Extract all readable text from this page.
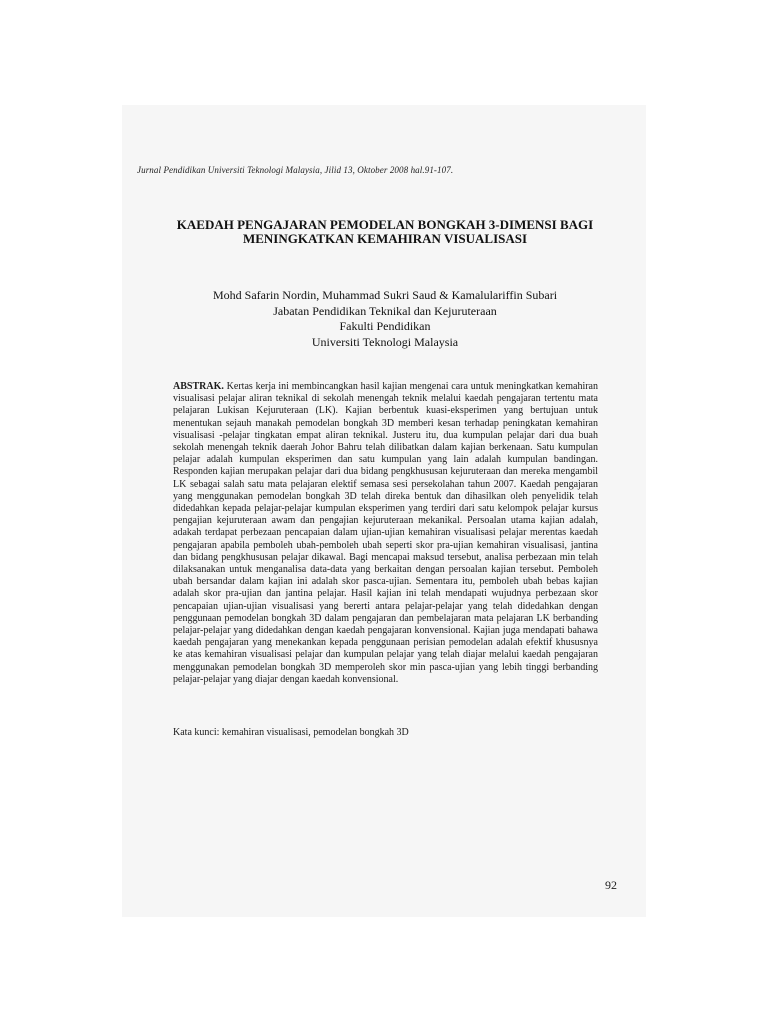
Jurnal Pendidikan Universiti Teknologi Malaysia, Jilid 13, Oktober 2008 hal.91-107.
KAEDAH PENGAJARAN PEMODELAN BONGKAH 3-DIMENSI BAGI
MENINGKATKAN KEMAHIRAN VISUALISASI
Mohd Safarin Nordin, Muhammad Sukri Saud & Kamalulariffin Subari
Jabatan Pendidikan Teknikal dan Kejuruteraan
Fakulti Pendidikan
Universiti Teknologi Malaysia
ABSTRAK. Kertas kerja ini membincangkan hasil kajian mengenai cara untuk meningkatkan kemahiran visualisasi pelajar aliran teknikal di sekolah menengah teknik melalui kaedah pengajaran tertentu mata pelajaran Lukisan Kejuruteraan (LK). Kajian berbentuk kuasi-eksperimen yang bertujuan untuk menentukan sejauh manakah pemodelan bongkah 3D memberi kesan terhadap peningkatan kemahiran visualisasi -pelajar tingkatan empat aliran teknikal. Justeru itu, dua kumpulan pelajar dari dua buah sekolah menengah teknik daerah Johor Bahru telah dilibatkan dalam kajian berkenaan. Satu kumpulan pelajar adalah kumpulan eksperimen dan satu kumpulan yang lain adalah kumpulan bandingan. Responden kajian merupakan pelajar dari dua bidang pengkhususan kejuruteraan dan mereka mengambil LK sebagai salah satu mata pelajaran elektif semasa sesi persekolahan tahun 2007. Kaedah pengajaran yang menggunakan pemodelan bongkah 3D telah direka bentuk dan dihasilkan oleh penyelidik telah didedahkan kepada pelajar-pelajar kumpulan eksperimen yang terdiri dari satu kelompok pelajar kursus pengajian kejuruteraan awam dan pengajian kejuruteraan mekanikal. Persoalan utama kajian adalah, adakah terdapat perbezaan pencapaian dalam ujian-ujian kemahiran visualisasi pelajar merentas kaedah pengajaran apabila pemboleh ubah-pemboleh ubah seperti skor pra-ujian kemahiran visualisasi, jantina dan bidang pengkhususan pelajar dikawal. Bagi mencapai maksud tersebut, analisa perbezaan min telah dilaksanakan untuk menganalisa data-data yang berkaitan dengan persoalan kajian tersebut. Pemboleh ubah bersandar dalam kajian ini adalah skor pasca-ujian. Sementara itu, pemboleh ubah bebas kajian adalah skor pra-ujian dan jantina pelajar. Hasil kajian ini telah mendapati wujudnya perbezaan skor pencapaian ujian-ujian visualisasi yang bererti antara pelajar-pelajar yang telah didedahkan dengan penggunaan pemodelan bongkah 3D dalam pengajaran dan pembelajaran mata pelajaran LK berbanding pelajar-pelajar yang didedahkan dengan kaedah pengajaran konvensional. Kajian juga mendapati bahawa kaedah pengajaran yang menekankan kepada penggunaan perisian pemodelan adalah efektif khususnya ke atas kemahiran visualisasi pelajar dan kumpulan pelajar yang telah diajar melalui kaedah pengajaran menggunakan pemodelan bongkah 3D memperoleh skor min pasca-ujian yang lebih tinggi berbanding pelajar-pelajar yang diajar dengan kaedah konvensional.
Kata kunci: kemahiran visualisasi, pemodelan bongkah 3D
92
